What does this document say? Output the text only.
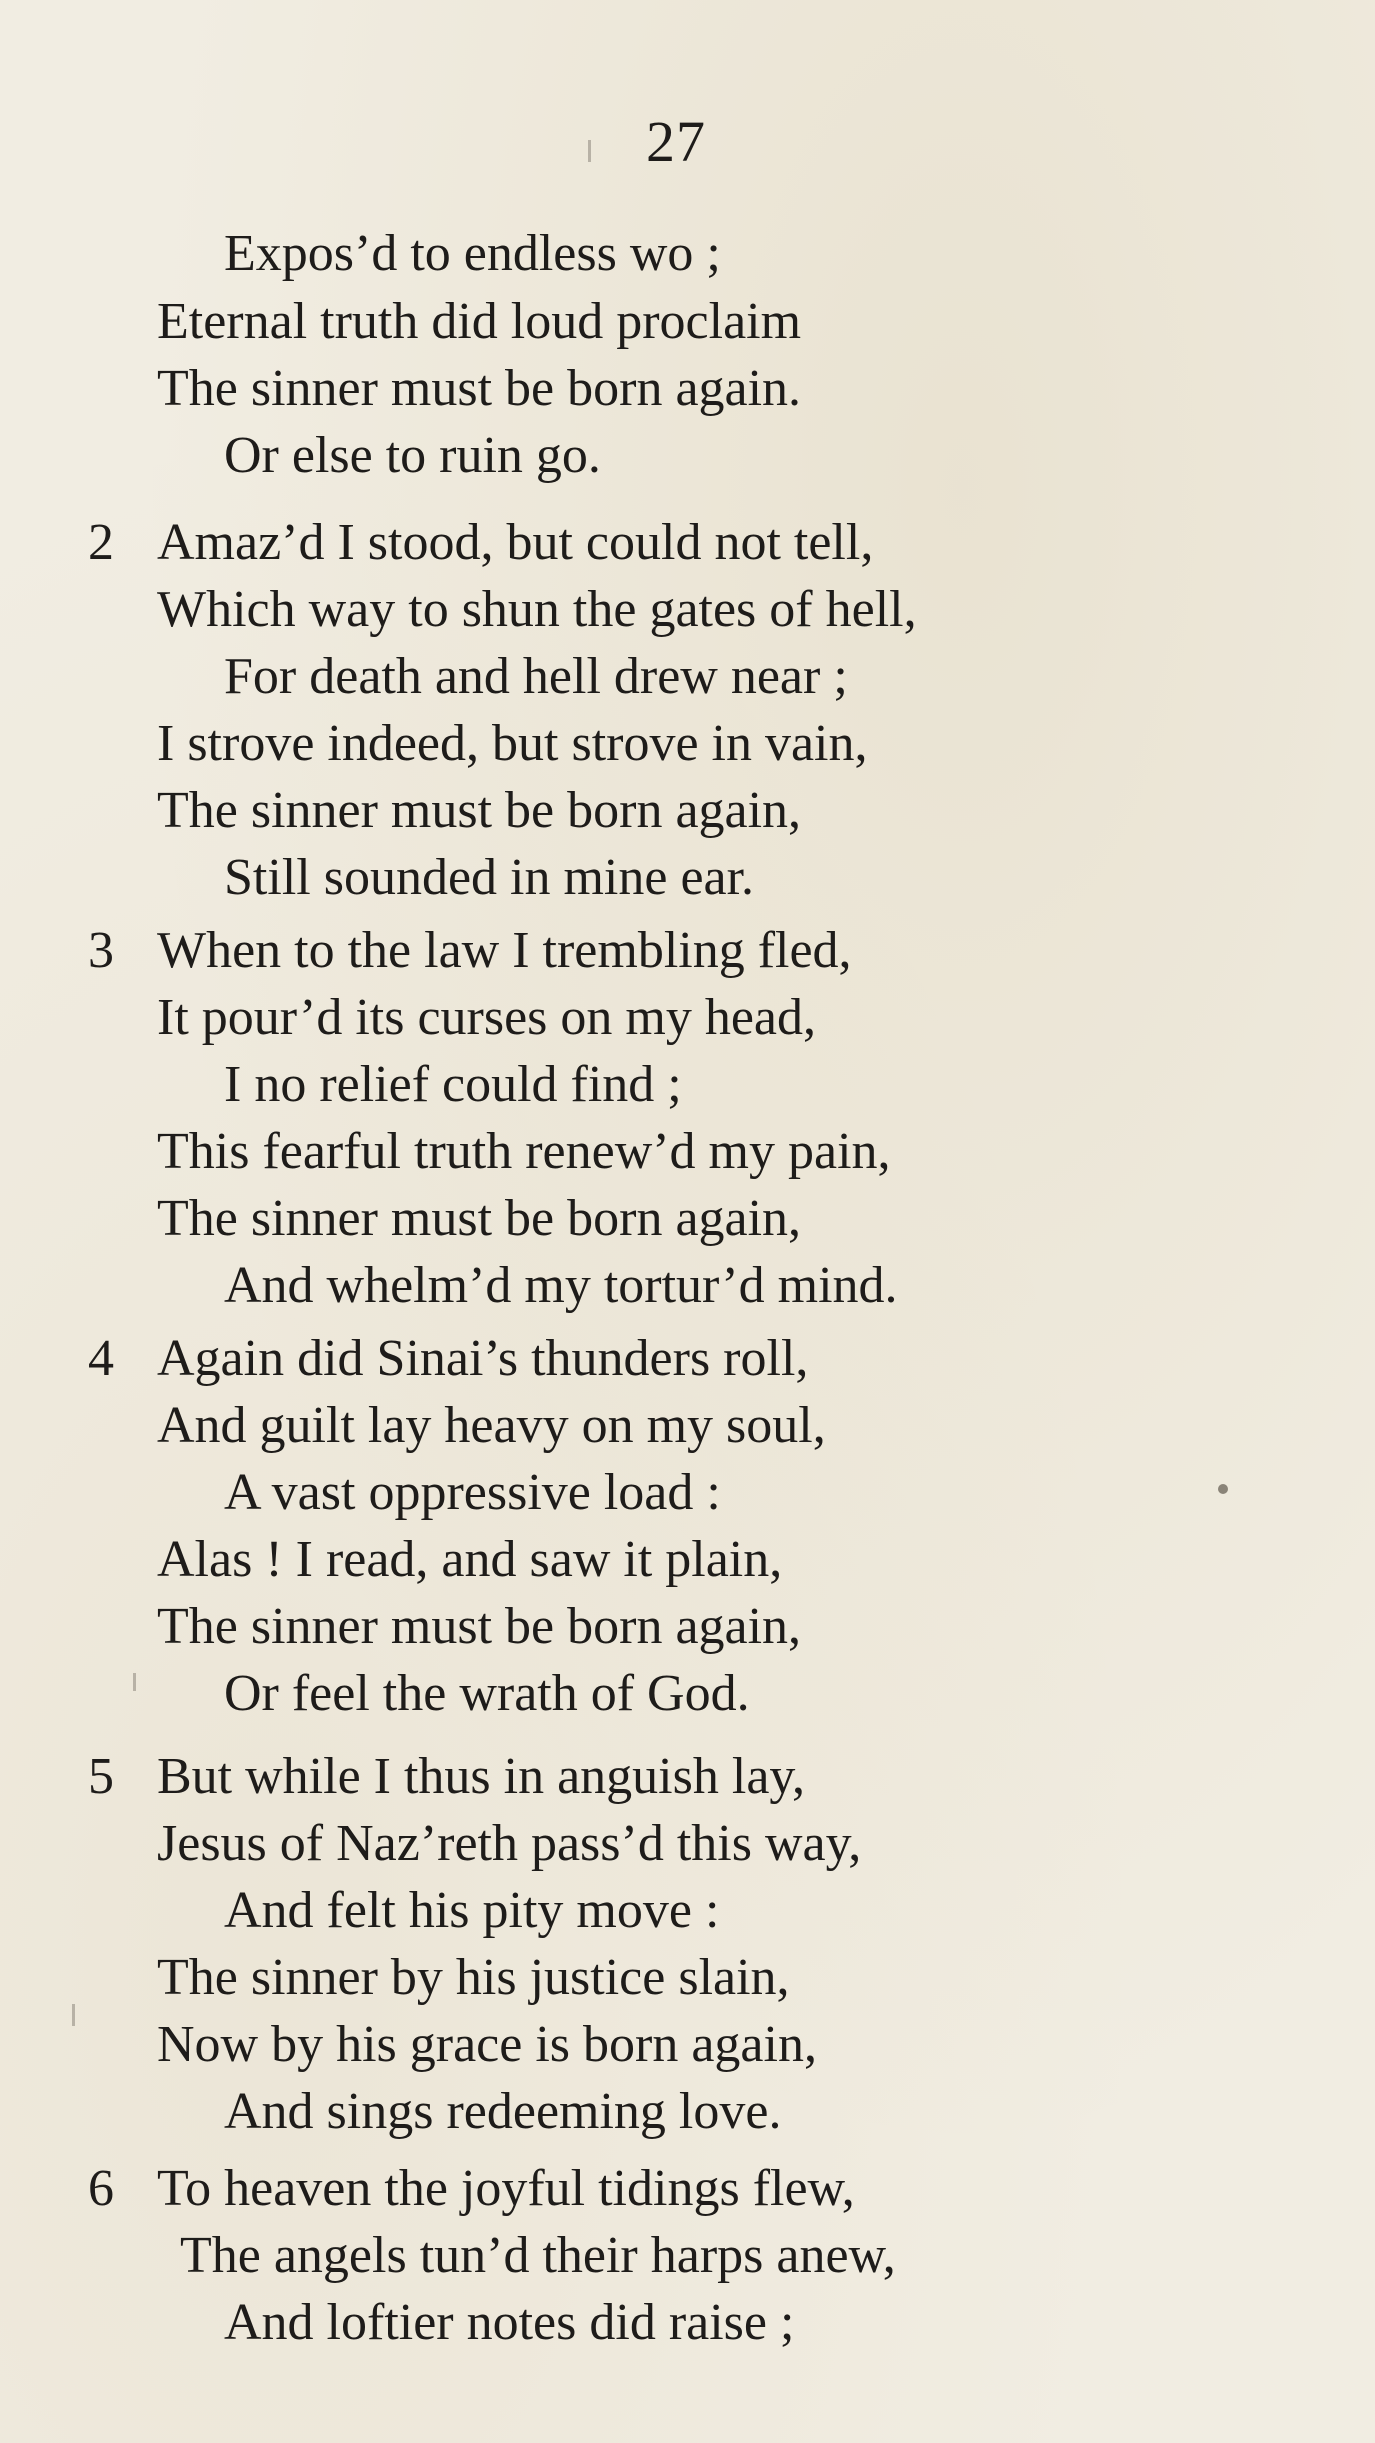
27
Expos’d to endless wo ;
Eternal truth did loud proclaim
The sinner must be born again.
Or else to ruin go.
2 Amaz’d I stood, but could not tell,
Which way to shun the gates of hell,
For death and hell drew near ;
I strove indeed, but strove in vain,
The sinner must be born again,
Still sounded in mine ear.
3 When to the law I trembling fled,
It pour’d its curses on my head,
I no relief could find ;
This fearful truth renew’d my pain,
The sinner must be born again,
And whelm’d my tortur’d mind.
4 Again did Sinai’s thunders roll,
And guilt lay heavy on my soul,
A vast oppressive load :
Alas ! I read, and saw it plain,
The sinner must be born again,
Or feel the wrath of God.
5 But while I thus in anguish lay,
Jesus of Naz’reth pass’d this way,
And felt his pity move :
The sinner by his justice slain,
Now by his grace is born again,
And sings redeeming love.
6 To heaven the joyful tidings flew,
The angels tun’d their harps anew,
And loftier notes did raise ;
